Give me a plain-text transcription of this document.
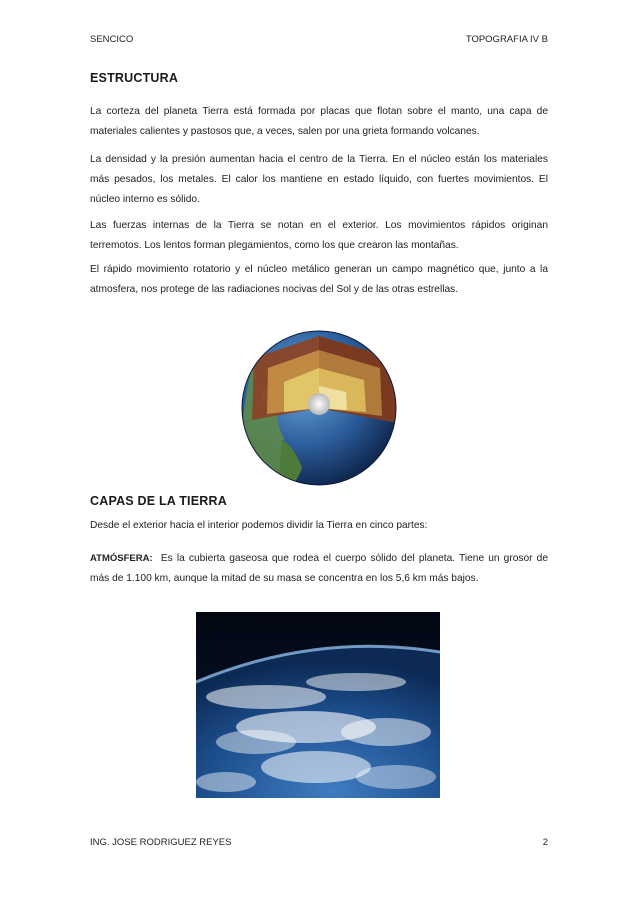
SENCICO	TOPOGRAFIA IV B
ESTRUCTURA
La corteza del planeta Tierra está formada por placas que flotan sobre el manto, una capa de materiales calientes y pastosos que, a veces, salen por una grieta formando volcanes.
La densidad y la presión aumentan hacia el centro de la Tierra. En el núcleo están los materiales más pesados, los metales. El calor los mantiene en estado líquido, con fuertes movimientos. El núcleo interno es sólido.
Las fuerzas internas de la Tierra se notan en el exterior. Los movimientos rápidos originan terremotos. Los lentos forman plegamientos, como los que crearon las montañas.
El rápido movimiento rotatorio y el núcleo metálico generan un campo magnético que, junto a la atmosfera, nos protege de las radiaciones nocivas del Sol y de las otras estrellas.
CAPAS DE LA TIERRA
Desde el exterior hacia el interior podemos dividir la Tierra en cinco partes:
ATMÓSFERA: Es la cubierta gaseosa que rodea el cuerpo sólido del planeta. Tiene un grosor de más de 1.100 km, aunque la mitad de su masa se concentra en los 5,6 km más bajos.
ING. JOSE RODRIGUEZ REYES	2
